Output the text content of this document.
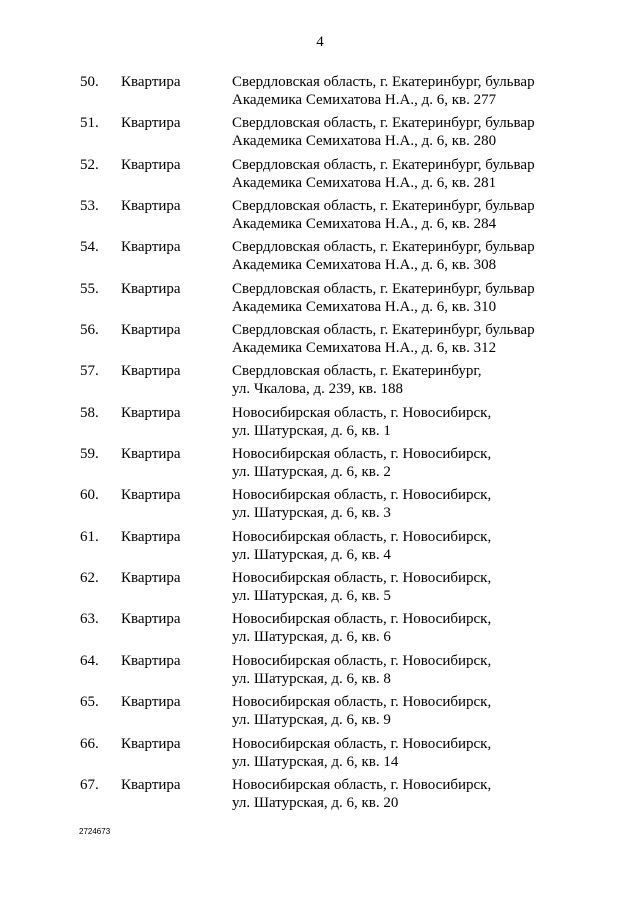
4
50. Квартира	Свердловская область, г. Екатеринбург, бульвар
Академика Семихатова Н.А., д. 6, кв. 277
51. Квартира	Свердловская область, г. Екатеринбург, бульвар
Академика Семихатова Н.А., д. 6, кв. 280
52. Квартира	Свердловская область, г. Екатеринбург, бульвар
Академика Семихатова Н.А., д. 6, кв. 281
53. Квартира	Свердловская область, г. Екатеринбург, бульвар
Академика Семихатова Н.А., д. 6, кв. 284
54. Квартира	Свердловская область, г. Екатеринбург, бульвар
Академика Семихатова Н.А., д. 6, кв. 308
55. Квартира	Свердловская область, г. Екатеринбург, бульвар
Академика Семихатова Н.А., д. 6, кв. 310
56. Квартира	Свердловская область, г. Екатеринбург, бульвар
Академика Семихатова Н.А., д. 6, кв. 312
57. Квартира	Свердловская область, г. Екатеринбург,
ул. Чкалова, д. 239, кв. 188
58. Квартира	Новосибирская область, г. Новосибирск,
ул. Шатурская, д. 6, кв. 1
59. Квартира	Новосибирская область, г. Новосибирск,
ул. Шатурская, д. 6, кв. 2
60. Квартира	Новосибирская область, г. Новосибирск,
ул. Шатурская, д. 6, кв. 3
61. Квартира	Новосибирская область, г. Новосибирск,
ул. Шатурская, д. 6, кв. 4
62. Квартира	Новосибирская область, г. Новосибирск,
ул. Шатурская, д. 6, кв. 5
63. Квартира	Новосибирская область, г. Новосибирск,
ул. Шатурская, д. 6, кв. 6
64. Квартира	Новосибирская область, г. Новосибирск,
ул. Шатурская, д. 6, кв. 8
65. Квартира	Новосибирская область, г. Новосибирск,
ул. Шатурская, д. 6, кв. 9
66. Квартира	Новосибирская область, г. Новосибирск,
ул. Шатурская, д. 6, кв. 14
67. Квартира	Новосибирская область, г. Новосибирск,
ул. Шатурская, д. 6, кв. 20
2724673
